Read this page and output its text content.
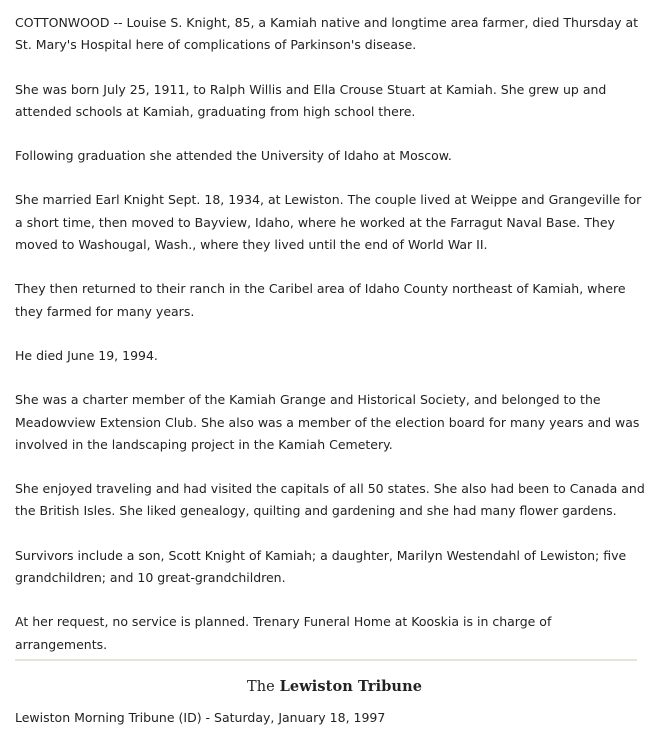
COTTONWOOD -- Louise S. Knight, 85, a Kamiah native and longtime area farmer, died Thursday at St. Mary's Hospital here of complications of Parkinson's disease.

She was born July 25, 1911, to Ralph Willis and Ella Crouse Stuart at Kamiah. She grew up and attended schools at Kamiah, graduating from high school there.

Following graduation she attended the University of Idaho at Moscow.

She married Earl Knight Sept. 18, 1934, at Lewiston. The couple lived at Weippe and Grangeville for a short time, then moved to Bayview, Idaho, where he worked at the Farragut Naval Base. They moved to Washougal, Wash., where they lived until the end of World War II.

They then returned to their ranch in the Caribel area of Idaho County northeast of Kamiah, where they farmed for many years.

He died June 19, 1994.

She was a charter member of the Kamiah Grange and Historical Society, and belonged to the Meadowview Extension Club. She also was a member of the election board for many years and was involved in the landscaping project in the Kamiah Cemetery.

She enjoyed traveling and had visited the capitals of all 50 states. She also had been to Canada and the British Isles. She liked genealogy, quilting and gardening and she had many flower gardens.

Survivors include a son, Scott Knight of Kamiah; a daughter, Marilyn Westendahl of Lewiston; five grandchildren; and 10 great-grandchildren.

At her request, no service is planned. Trenary Funeral Home at Kooskia is in charge of arrangements.

The Lewiston Tribune
Lewiston Morning Tribune (ID) - Saturday, January 18, 1997
